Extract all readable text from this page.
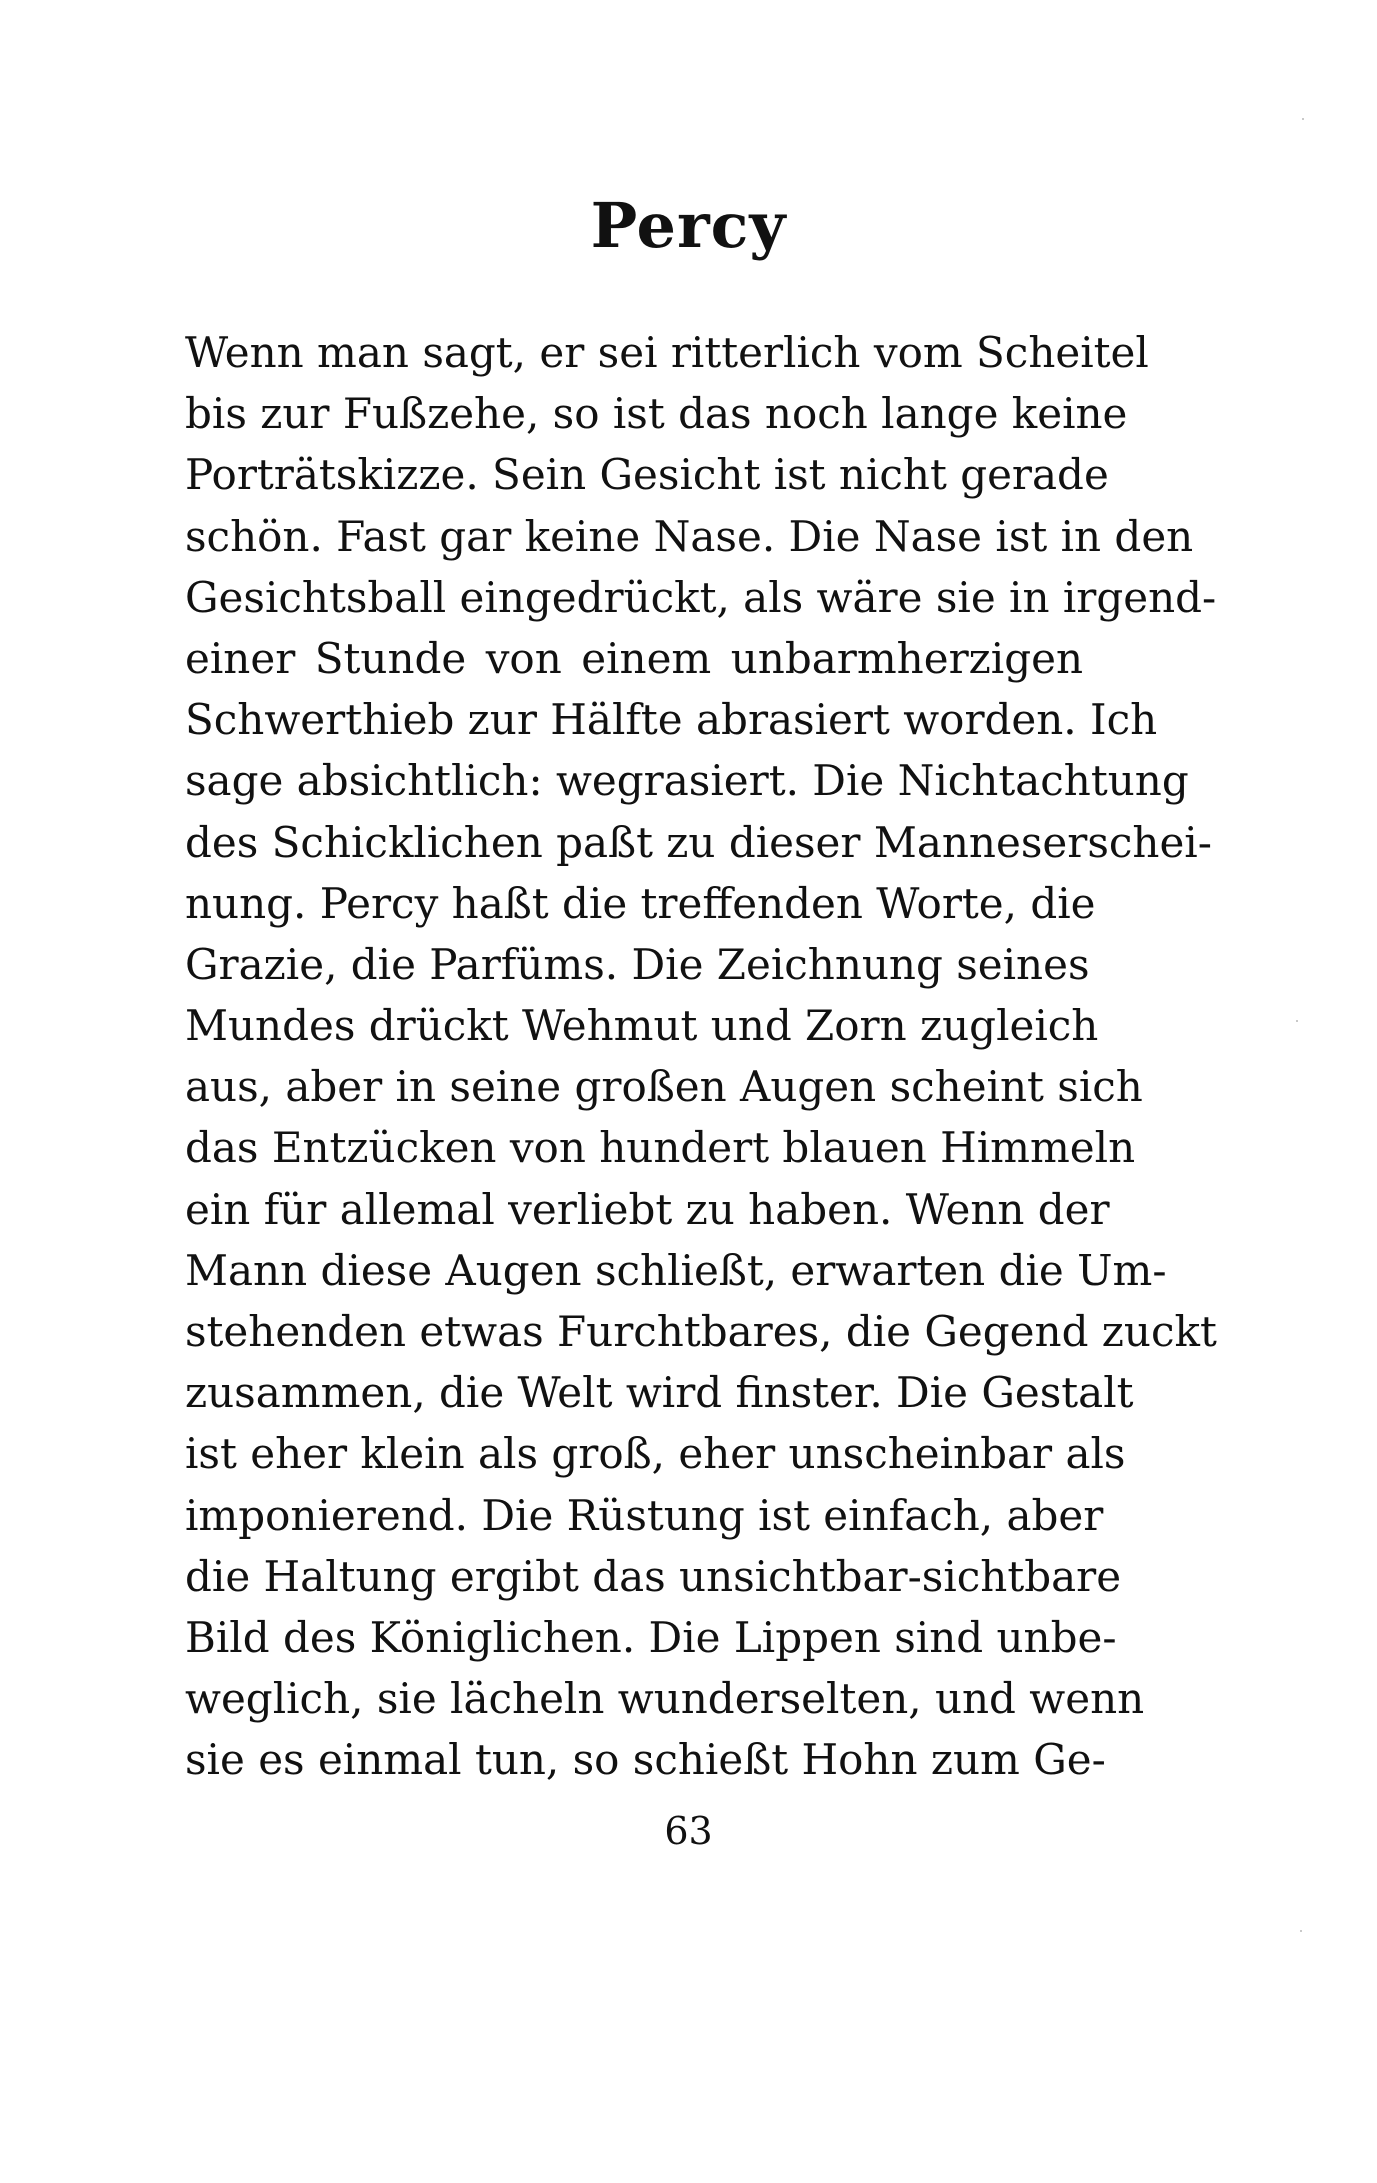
Percy
Wenn man sagt, er sei ritterlich vom Scheitel
bis zur Fußzehe, so ist das noch lange keine
Porträtskizze. Sein Gesicht ist nicht gerade
schön. Fast gar keine Nase. Die Nase ist in den
Gesichtsball eingedrückt, als wäre sie in irgend-
einer Stunde von einem unbarmherzigen
Schwerthieb zur Hälfte abrasiert worden. Ich
sage absichtlich: wegrasiert. Die Nichtachtung
des Schicklichen paßt zu dieser Manneserschei-
nung. Percy haßt die treffenden Worte, die
Grazie, die Parfüms. Die Zeichnung seines
Mundes drückt Wehmut und Zorn zugleich
aus, aber in seine großen Augen scheint sich
das Entzücken von hundert blauen Himmeln
ein für allemal verliebt zu haben. Wenn der
Mann diese Augen schließt, erwarten die Um-
stehenden etwas Furchtbares, die Gegend zuckt
zusammen, die Welt wird finster. Die Gestalt
ist eher klein als groß, eher unscheinbar als
imponierend. Die Rüstung ist einfach, aber
die Haltung ergibt das unsichtbar-sichtbare
Bild des Königlichen. Die Lippen sind unbe-
weglich, sie lächeln wunderselten, und wenn
sie es einmal tun, so schießt Hohn zum Ge-
63
